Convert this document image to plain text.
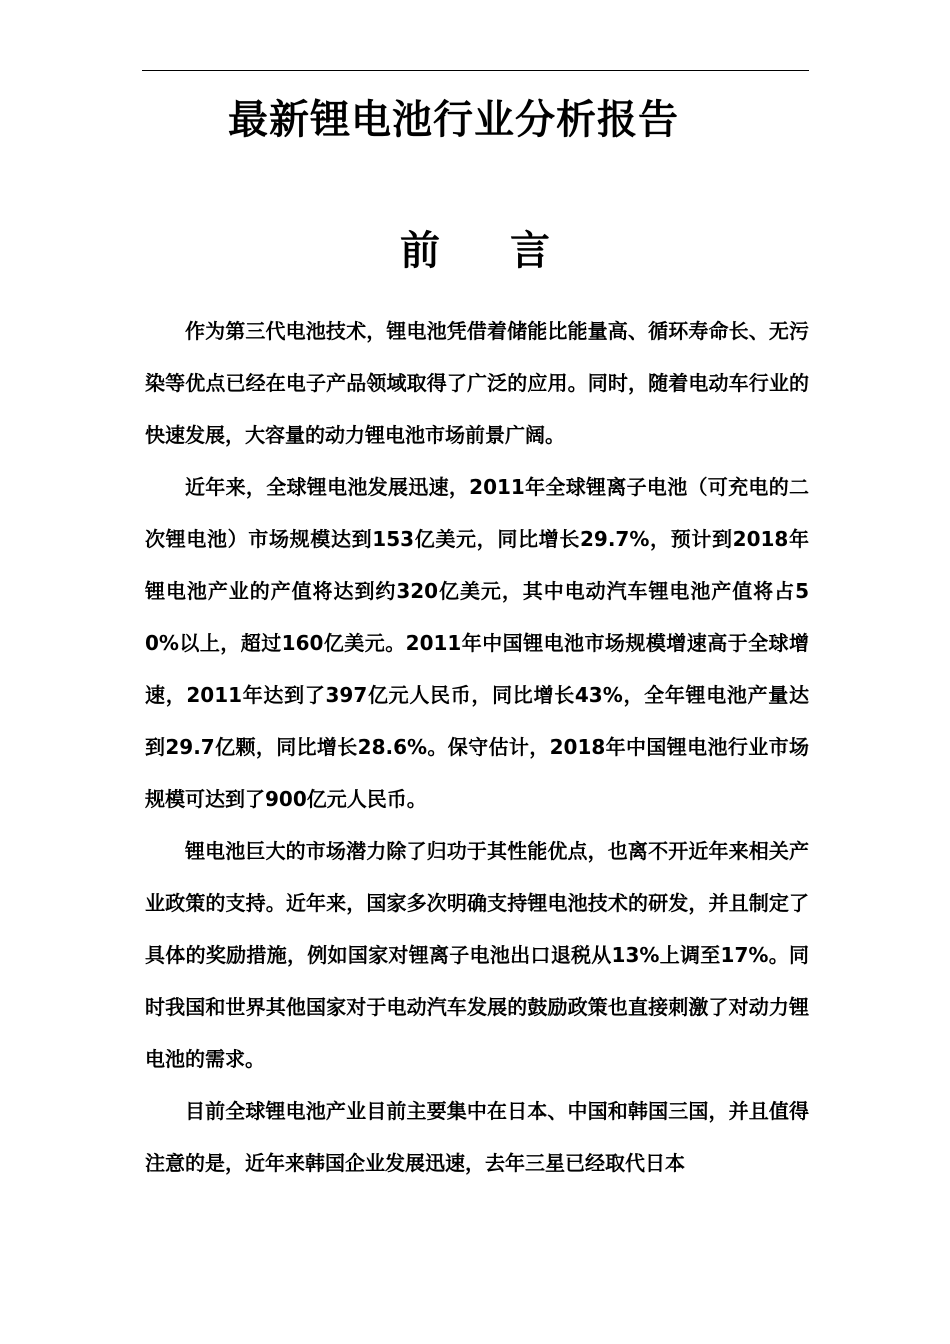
最新锂电池行业分析报告
前 言

作为第三代电池技术，锂电池凭借着储能比能量高、循环寿命长、无污染等优点已经在电子产品领域取得了广泛的应用。同时，随着电动车行业的快速发展，大容量的动力锂电池市场前景广阔。

近年来，全球锂电池发展迅速，2011年全球锂离子电池（可充电的二次锂电池）市场规模达到153亿美元，同比增长29.7%，预计到2018年锂电池产业的产值将达到约320亿美元，其中电动汽车锂电池产值将占50%以上，超过160亿美元。2011年中国锂电池市场规模增速高于全球增速，2011年达到了397亿元人民币，同比增长43%，全年锂电池产量达到29.7亿颗，同比增长28.6%。保守估计，2018年中国锂电池行业市场规模可达到了900亿元人民币。

锂电池巨大的市场潜力除了归功于其性能优点，也离不开近年来相关产业政策的支持。近年来，国家多次明确支持锂电池技术的研发，并且制定了具体的奖励措施，例如国家对锂离子电池出口退税从13%上调至17%。同时我国和世界其他国家对于电动汽车发展的鼓励政策也直接刺激了对动力锂电池的需求。

目前全球锂电池产业目前主要集中在日本、中国和韩国三国，并且值得注意的是，近年来韩国企业发展迅速，去年三星已经取代日本
